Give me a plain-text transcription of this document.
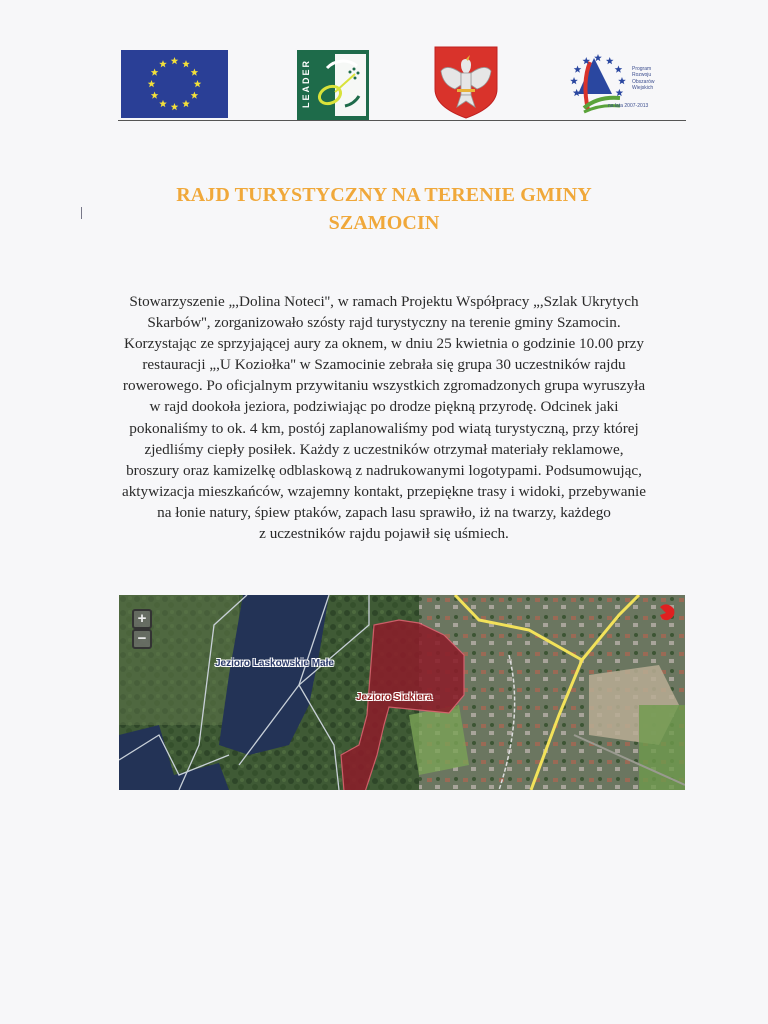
LEADER	Program
Rozwoju
Obszarów
Wiejskich
na lata 2007-2013
RAJD TURYSTYCZNY NA TERENIE GMINY
SZAMOCIN
Stowarzyszenie „,Dolina Noteci'', w ramach Projektu Współpracy „,Szlak Ukrytych
Skarbów'', zorganizowało szósty rajd turystyczny na terenie gminy Szamocin.
Korzystając ze sprzyjającej aury za oknem, w dniu 25 kwietnia o godzinie 10.00 przy
restauracji „,U Koziołka'' w Szamocinie zebrała się grupa 30 uczestników rajdu
rowerowego. Po oficjalnym przywitaniu wszystkich zgromadzonych grupa wyruszyła
w rajd dookoła jeziora, podziwiając po drodze piękną przyrodę. Odcinek jaki
pokonaliśmy to ok. 4 km, postój zaplanowaliśmy pod wiatą turystyczną, przy której
zjedliśmy ciepły posiłek. Każdy z uczestników otrzymał materiały reklamowe,
broszury oraz kamizelkę odblaskową z nadrukowanymi logotypami. Podsumowując,
aktywizacja mieszkańców, wzajemny kontakt, przepiękne trasy i widoki, przebywanie
na łonie natury, śpiew ptaków, zapach lasu sprawiło, iż na twarzy, każdego
z uczestników rajdu pojawił się uśmiech.
+
−
Jezioro Laskowskie Małe
Jezioro Siekiera
